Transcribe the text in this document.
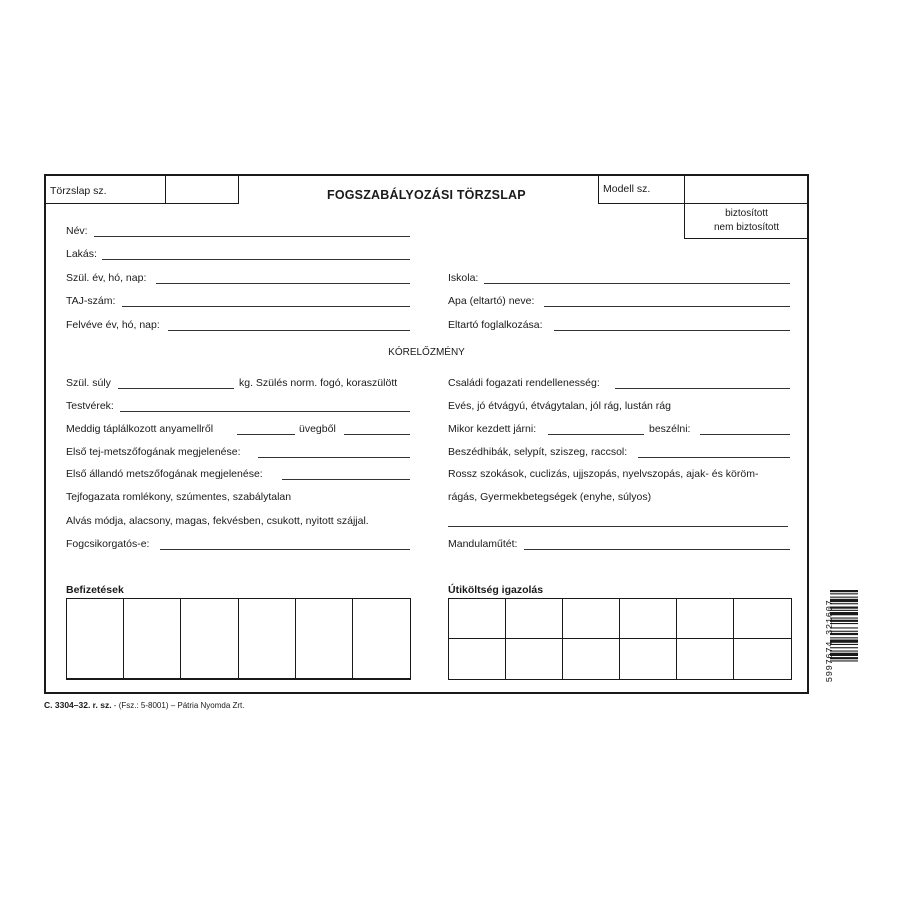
Törzslap sz.	FOGSZABÁLYOZÁSI TÖRZSLAP	Modell sz.
biztosított
nem biztosított
Név:
Lakás:
Szül. év, hó, nap:
TAJ-szám:
Felvéve év, hó, nap:
Iskola:
Apa (eltartó) neve:
Eltartó foglalkozása:
KÓRELŐZMÉNY
Szül. súly	kg. Szülés norm. fogó, koraszülött
Testvérek:
Meddig táplálkozott anyamellről	üvegből
Első tej-metszőfogának megjelenése:
Első állandó metszőfogának megjelenése:
Tejfogazata romlékony, szúmentes, szabálytalan
Alvás módja, alacsony, magas, fekvésben, csukott, nyitott szájjal.
Fogcsikorgatós-e:
Családi fogazati rendellenesség:
Evés, jó étvágyú, étvágytalan, jól rág, lustán rág
Mikor kezdett járni:	beszélni:
Beszédhibák, selypít, sziszeg, raccsol:
Rossz szokások, cuclizás, ujjszopás, nyelvszopás, ajak- és köröm-
rágás, Gyermekbetegségek (enyhe, súlyos)
Mandulaműtét:
Befizetések	Útiköltség igazolás
C. 3304–32. r. sz. - (Fsz.: 5-8001) – Pátria Nyomda Zrt.
5997674 321607
